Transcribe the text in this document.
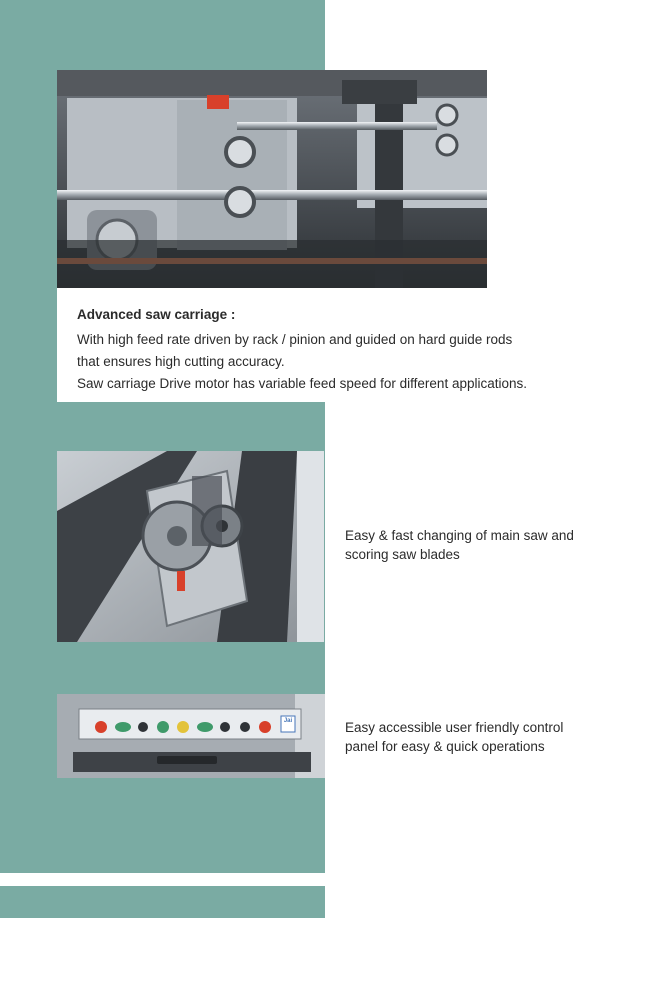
Advanced saw carriage :

With high feed rate driven by rack / pinion and guided on hard guide rods

that ensures high cutting accuracy.

Saw carriage Drive motor has variable feed speed for different applications.

Easy & fast changing of main saw and
scoring saw blades
Jai	Easy accessible user friendly control
panel for easy & quick operations
